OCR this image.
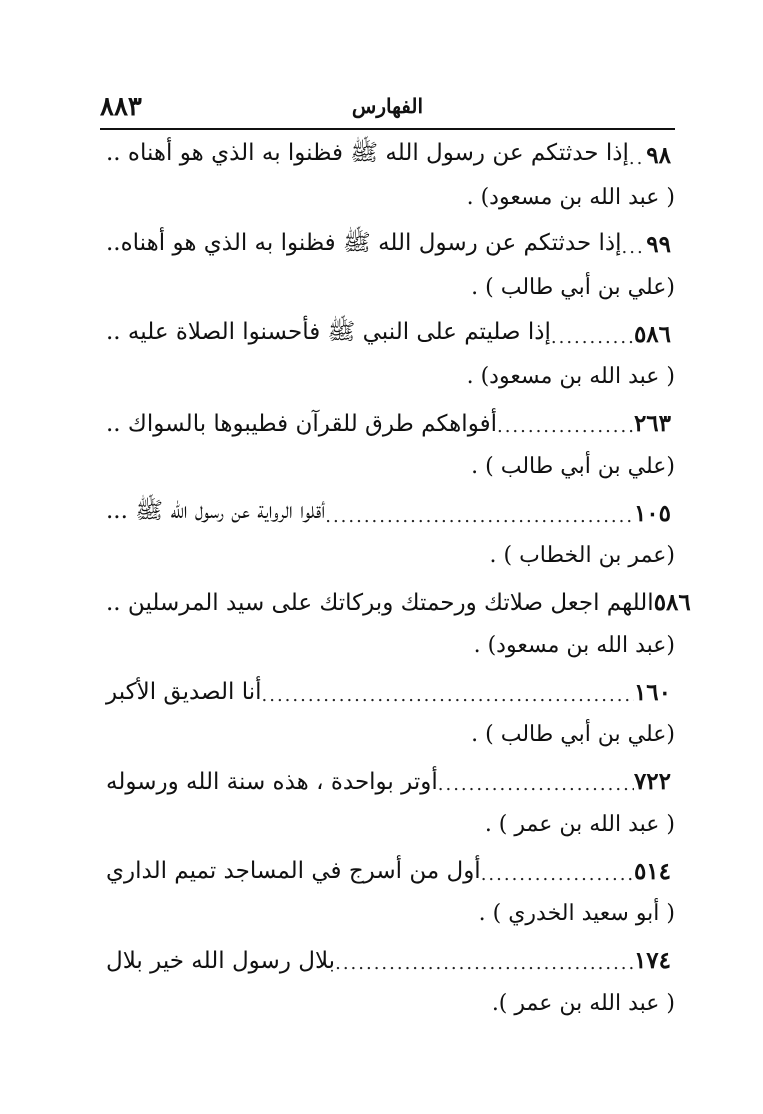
٨٨٣	الفهارس
إذا حدثتكم عن رسول الله ﷺ فظنوا به الذي هو أهناه .. ..... ٩٨
( عبد الله بن مسعود) .
إذا حدثتكم عن رسول الله ﷺ فظنوا به الذي هو أهناه.. ..... ٩٩
(علي بن أبي طالب ) .
إذا صليتم على النبي ﷺ فأحسنوا الصلاة عليه .. .....	٥٨٦
( عبد الله بن مسعود) .
أفواهكم طرق للقرآن فطيبوها بالسواك .. .....	٢٦٣
(علي بن أبي طالب ) .
أقلوا الرواية عن رسول الله ﷺ ... .....	١٠٥
(عمر بن الخطاب ) .
اللهم اجعل صلاتك ورحمتك وبركاتك على سيد المرسلين .. ٥٨٦
(عبد الله بن مسعود) .
أنا الصديق الأكبر .....	١٦٠
(علي بن أبي طالب ) .
أوتر بواحدة ، هذه سنة الله ورسوله .....	٧٢٢
( عبد الله بن عمر ) .
أول من أسرج في المساجد تميم الداري .....	٥١٤
( أبو سعيد الخدري ) .
بلال رسول الله خير بلال .....	١٧٤
( عبد الله بن عمر ).
